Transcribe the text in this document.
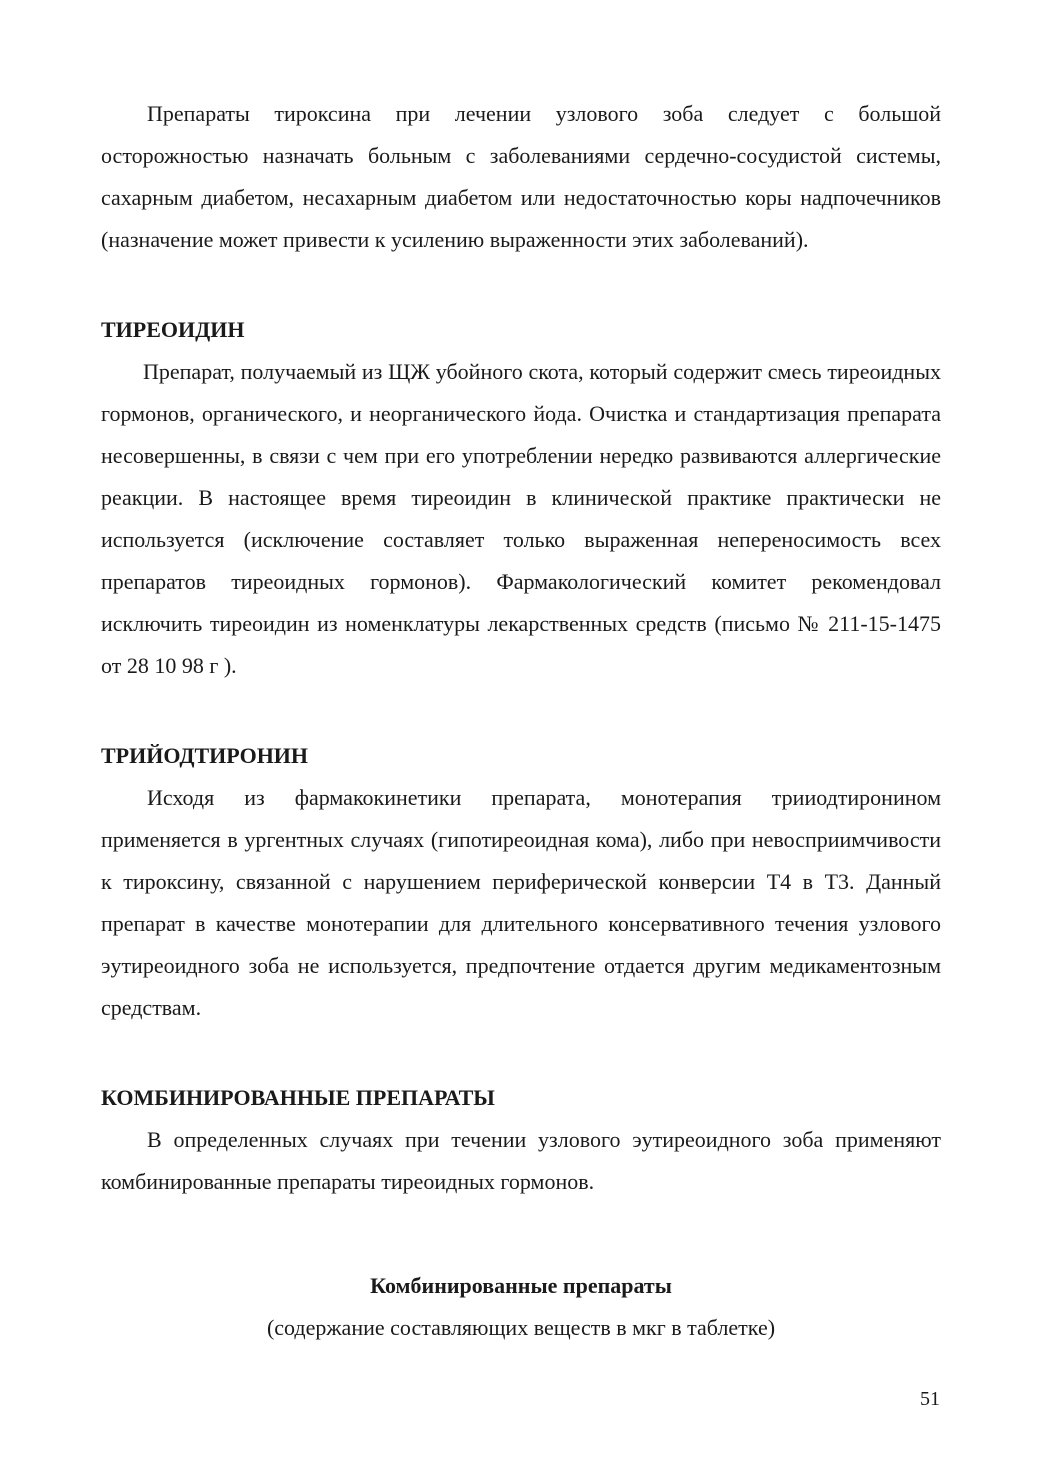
Препараты тироксина при лечении узлового зоба следует с большой осторожностью назначать больным с заболеваниями сердечно-сосудистой системы, сахарным диабетом, несахарным диабетом или недостаточностью коры надпочечников (назначение может привести к усилению выраженности этих заболеваний).

ТИРЕОИДИН

Препарат, получаемый из ЩЖ убойного скота, который содержит смесь тиреоидных гормонов, органического, и неорганического йода. Очистка и стандартизация препарата несовершенны, в связи с чем при его употреблении нередко развиваются аллергические реакции. В настоящее время тиреоидин в клинической практике практически не используется (исключение составляет только выраженная непереносимость всех препаратов тиреоидных гормонов). Фармакологический комитет рекомендовал исключить тиреоидин из номенклатуры лекарственных средств (письмо № 211-15-1475 от 28 10 98 г ).

ТРИЙОДТИРОНИН

Исходя из фармакокинетики препарата, монотерапия трииодтиронином применяется в ургентных случаях (гипотиреоидная кома), либо при невосприимчивости к тироксину, связанной с нарушением периферической конверсии Т4 в Т3. Данный препарат в качестве монотерапии для длительного консервативного течения узлового эутиреоидного зоба не используется, предпочтение отдается другим медикаментозным средствам.

КОМБИНИРОВАННЫЕ ПРЕПАРАТЫ

В определенных случаях при течении узлового эутиреоидного зоба применяют комбинированные препараты тиреоидных гормонов.

Комбинированные препараты
(содержание составляющих веществ в мкг в таблетке)
51
